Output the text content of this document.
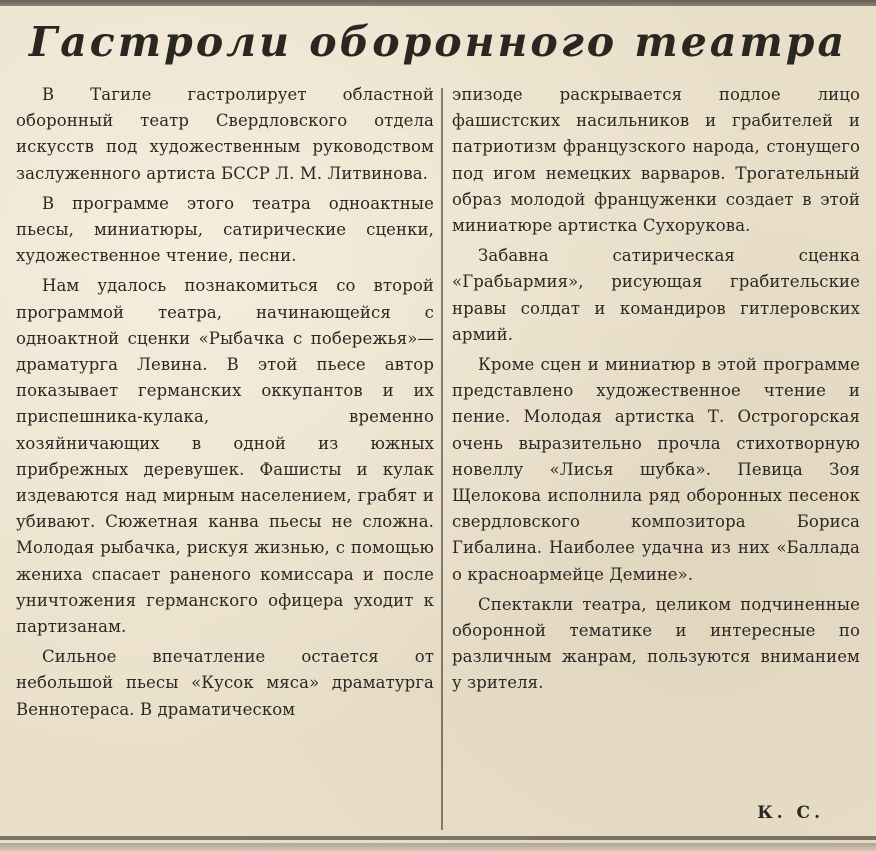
Гастроли оборонного театра

В Тагиле гастролирует областной оборонный театр Свердловского отдела искусств под художественным руководством заслуженного артиста БССР Л. М. Литвинова.

В программе этого театра одноактные пьесы, миниатюры, сатирические сценки, художественное чтение, песни.

Нам удалось познакомиться со второй программой театра, начинающейся с одноактной сценки «Рыбачка с побережья»—драматурга Левина. В этой пьесе автор показывает германских оккупантов и их приспешника-кулака, временно хозяйничающих в одной из южных прибрежных деревушек. Фашисты и кулак издеваются над мирным населением, грабят и убивают. Сюжетная канва пьесы не сложна. Молодая рыбачка, рискуя жизнью, с помощью жениха спасает раненого комиссара и после уничтожения германского офицера уходит к партизанам.

Сильное впечатление остается от небольшой пьесы «Кусок мяса» драматурга Веннотераса. В драматическом

эпизоде раскрывается подлое лицо фашистских насильников и грабителей и патриотизм французского народа, стонущего под игом немецких варваров. Трогательный образ молодой француженки создает в этой миниатюре артистка Сухорукова.

Забавна сатирическая сценка «Грабьармия», рисующая грабительские нравы солдат и командиров гитлеровских армий.

Кроме сцен и миниатюр в этой программе представлено художественное чтение и пение. Молодая артистка Т. Острогорская очень выразительно прочла стихотворную новеллу «Лисья шубка». Певица Зоя Щелокова исполнила ряд оборонных песенок свердловского композитора Бориса Гибалина. Наиболее удачна из них «Баллада о красноармейце Демине».

Спектакли театра, целиком подчиненные оборонной тематике и интересные по различным жанрам, пользуются вниманием у зрителя.

К. С.
